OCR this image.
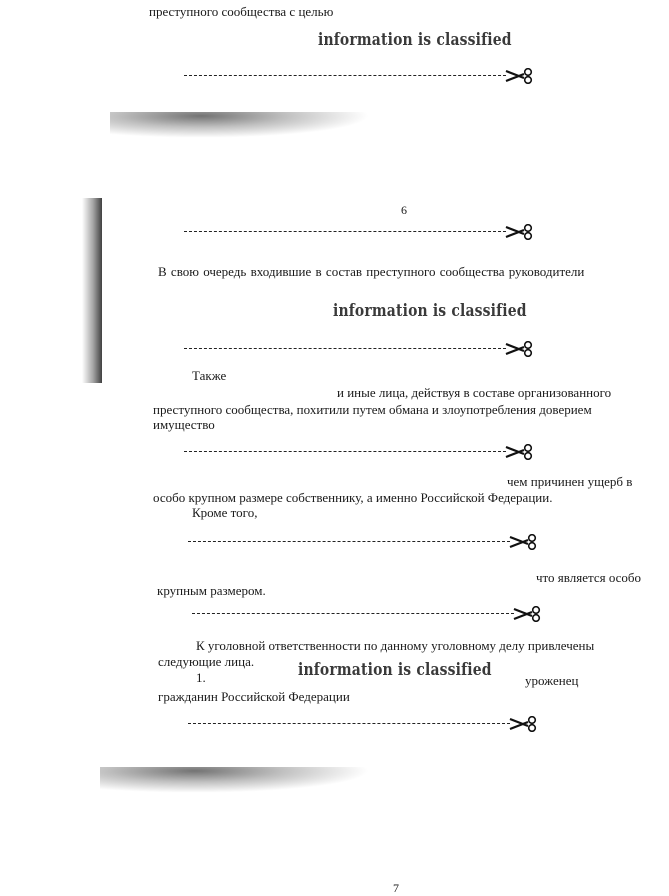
преступного сообщества с целью
information is classified
6
В свою очередь входившие в состав преступного сообщества руководители
information is classified
Также
и иные лица, действуя в составе организованного
преступного сообщества, похитили путем обмана и злоупотребления доверием
имущество
чем причинен ущерб в
особо крупном размере собственнику, а именно Российской Федерации.
Кроме того,
что является особо
крупным размером.
К уголовной ответственности по данному уголовному делу привлечены
следующие лица.
1.	information is classified
уроженец
гражданин Российской Федерации
7
